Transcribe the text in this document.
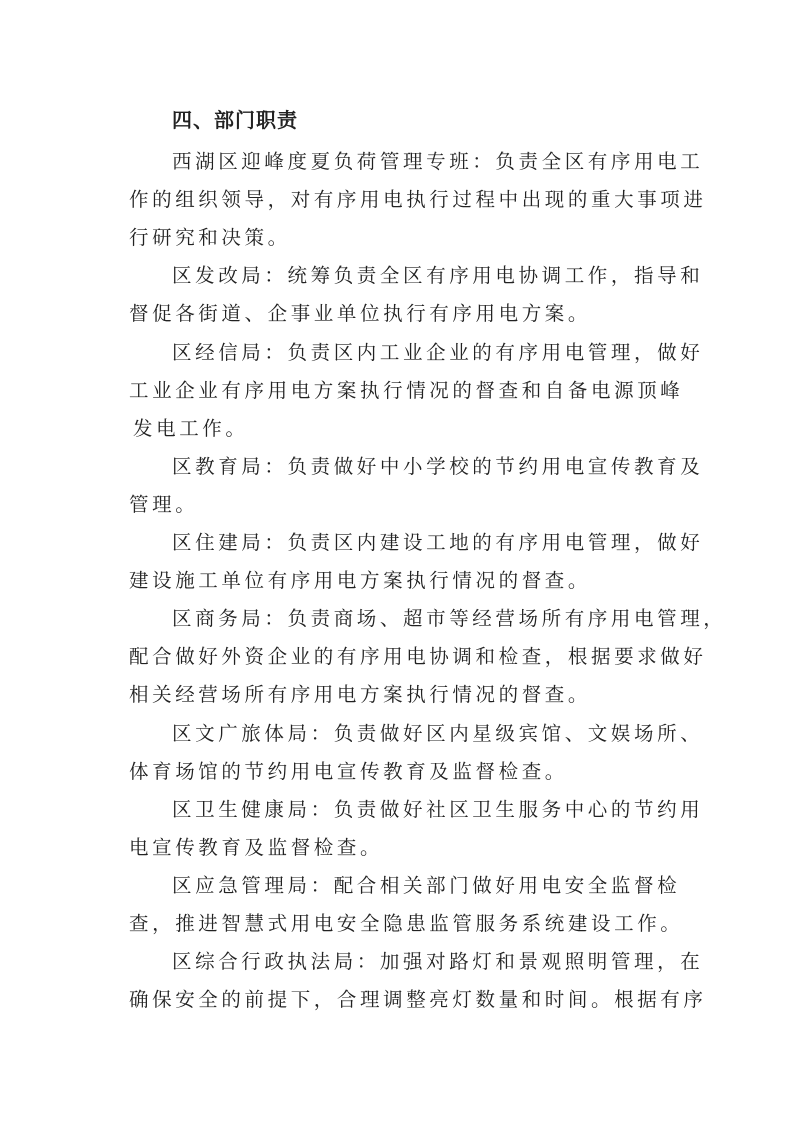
四、部门职责
西湖区迎峰度夏负荷管理专班：负责全区有序用电工
作的组织领导，对有序用电执行过程中出现的重大事项进
行研究和决策。
区发改局：统筹负责全区有序用电协调工作，指导和
督促各街道、企事业单位执行有序用电方案。
区经信局：负责区内工业企业的有序用电管理，做好
工业企业有序用电方案执行情况的督查和自备电源顶峰
发电工作。
区教育局：负责做好中小学校的节约用电宣传教育及
管理。
区住建局：负责区内建设工地的有序用电管理，做好
建设施工单位有序用电方案执行情况的督查。
区商务局：负责商场、超市等经营场所有序用电管理，
配合做好外资企业的有序用电协调和检查，根据要求做好
相关经营场所有序用电方案执行情况的督查。
区文广旅体局：负责做好区内星级宾馆、文娱场所、
体育场馆的节约用电宣传教育及监督检查。
区卫生健康局：负责做好社区卫生服务中心的节约用
电宣传教育及监督检查。
区应急管理局：配合相关部门做好用电安全监督检
查，推进智慧式用电安全隐患监管服务系统建设工作。
区综合行政执法局：加强对路灯和景观照明管理，在
确保安全的前提下，合理调整亮灯数量和时间。根据有序
